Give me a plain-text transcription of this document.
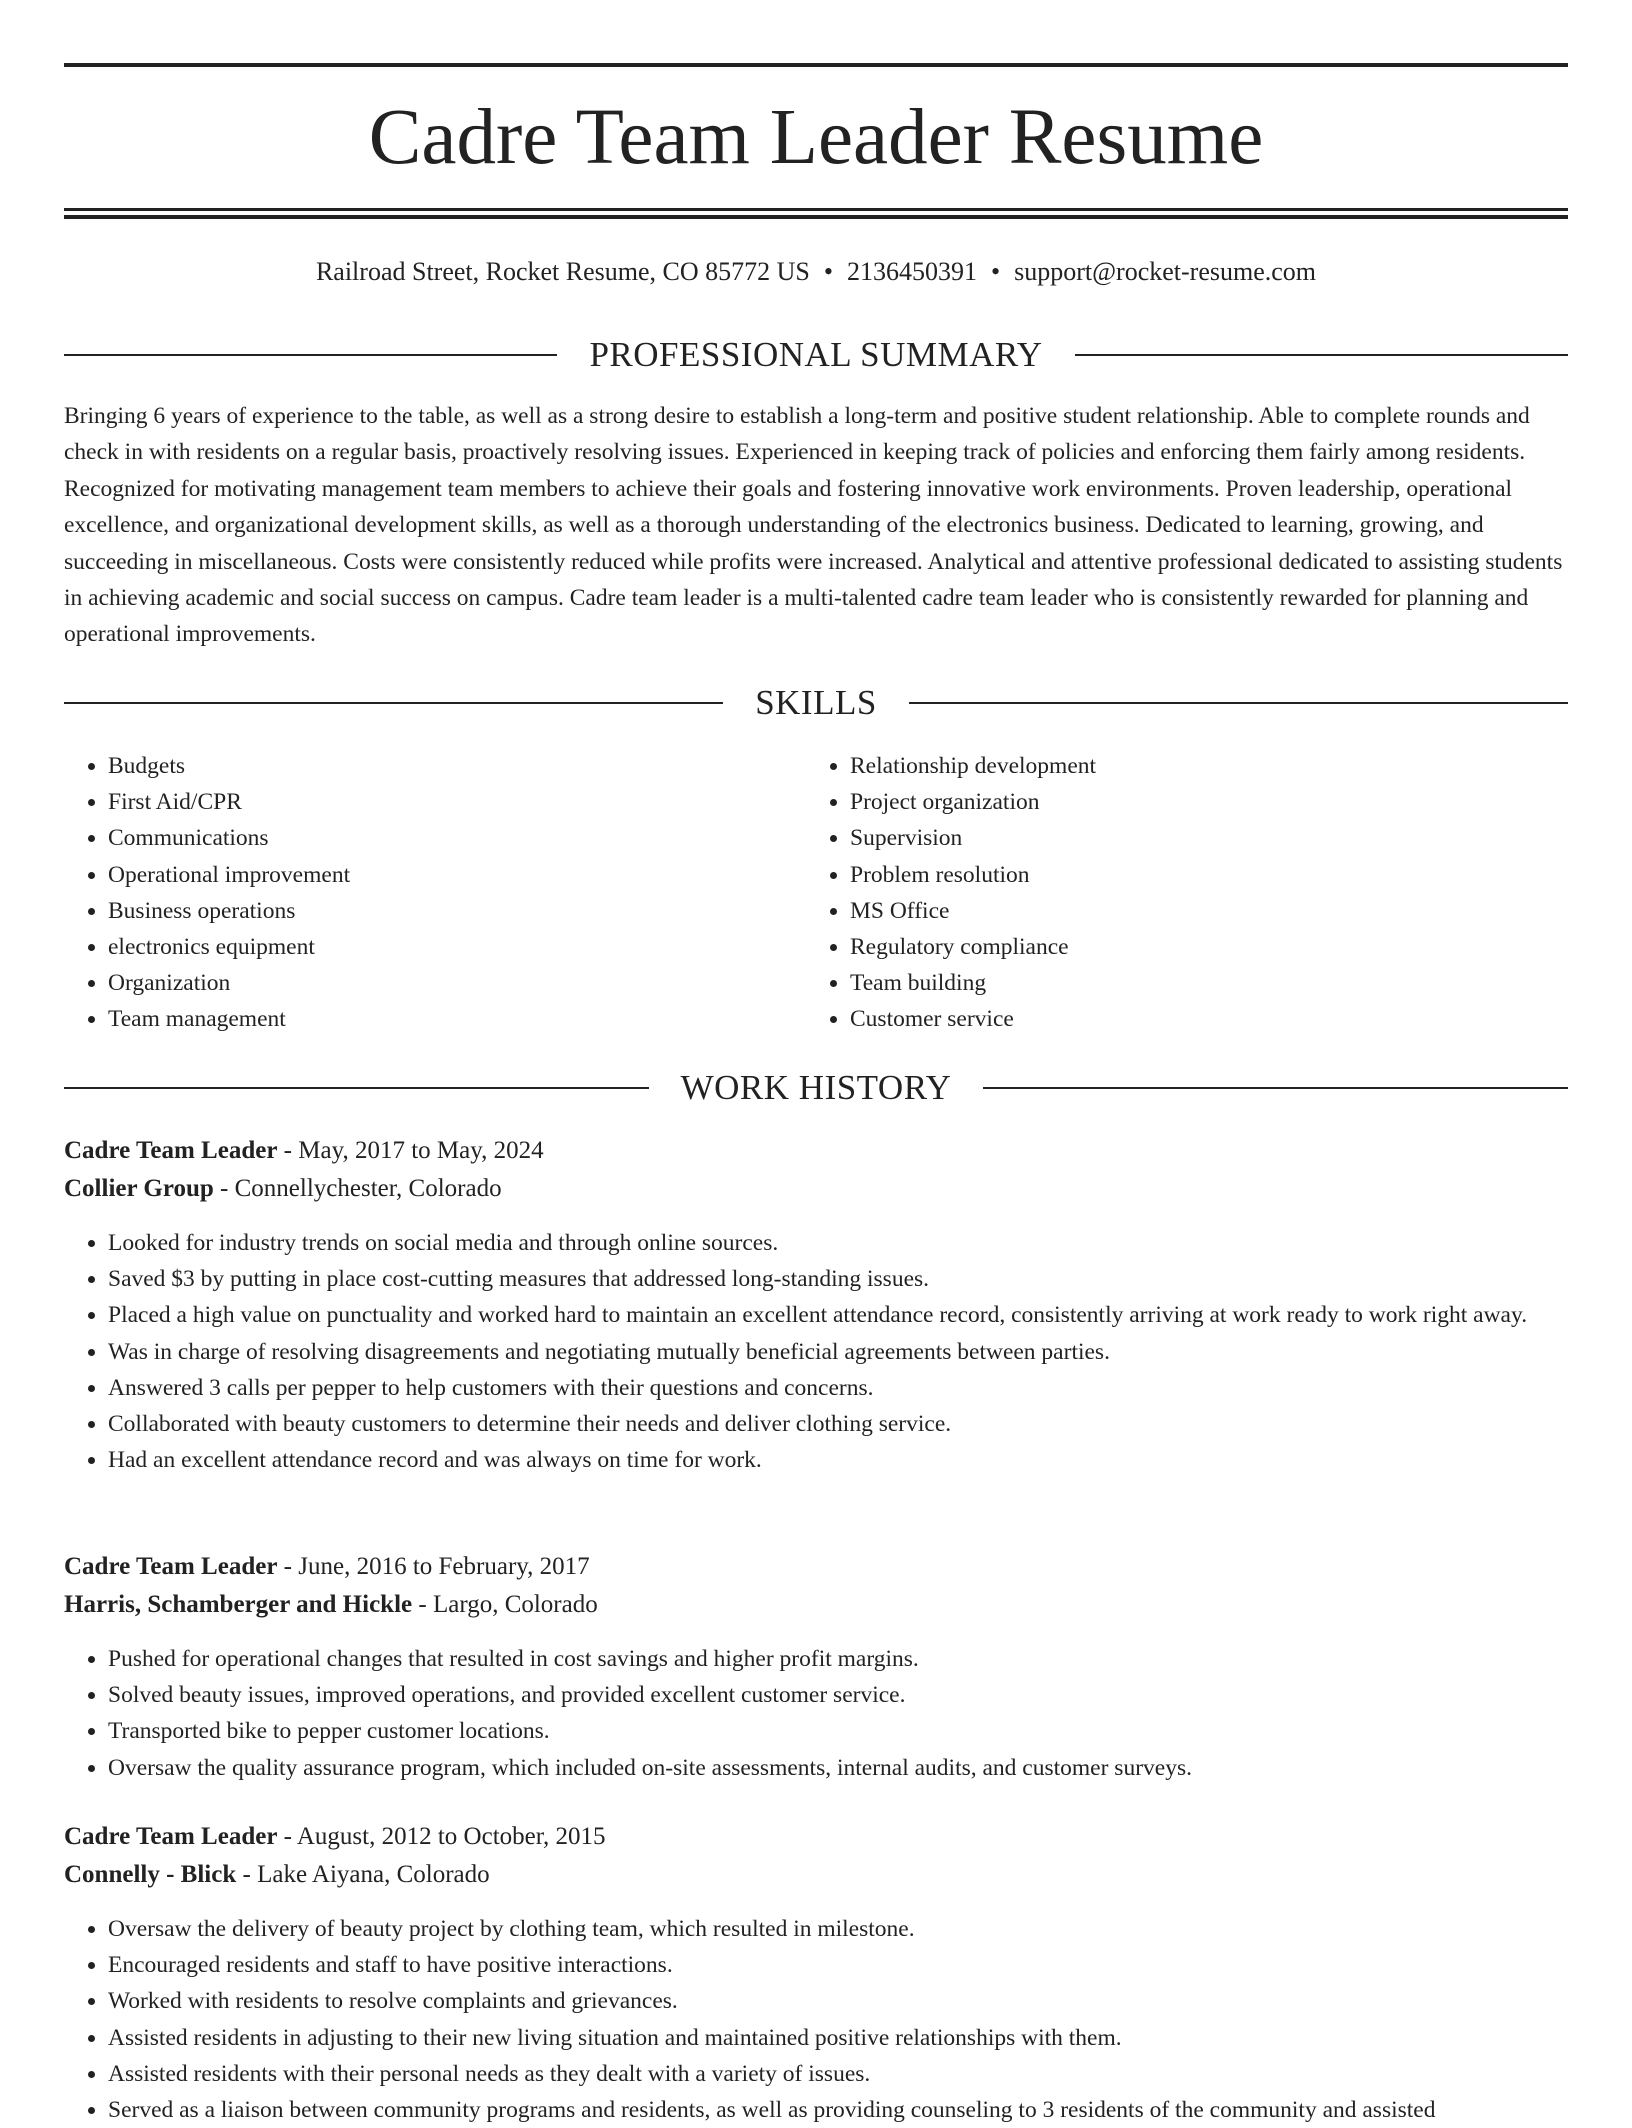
Cadre Team Leader Resume
Railroad Street, Rocket Resume, CO 85772 US • 2136450391 • support@rocket-resume.com
PROFESSIONAL SUMMARY

Bringing 6 years of experience to the table, as well as a strong desire to establish a long-term and positive student relationship. Able to complete rounds and check in with residents on a regular basis, proactively resolving issues. Experienced in keeping track of policies and enforcing them fairly among residents. Recognized for motivating management team members to achieve their goals and fostering innovative work environments. Proven leadership, operational excellence, and organizational development skills, as well as a thorough understanding of the electronics business. Dedicated to learning, growing, and succeeding in miscellaneous. Costs were consistently reduced while profits were increased. Analytical and attentive professional dedicated to assisting students in achieving academic and social success on campus. Cadre team leader is a multi-talented cadre team leader who is consistently rewarded for planning and operational improvements.

SKILLS
• Budgets
• First Aid/CPR
• Communications
• Operational improvement
• Business operations
• electronics equipment
• Organization
• Team management
• Relationship development
• Project organization
• Supervision
• Problem resolution
• MS Office
• Regulatory compliance
• Team building
• Customer service
WORK HISTORY
Cadre Team Leader - May, 2017 to May, 2024
Collier Group - Connellychester, Colorado
• Looked for industry trends on social media and through online sources.
• Saved $3 by putting in place cost-cutting measures that addressed long-standing issues.
• Placed a high value on punctuality and worked hard to maintain an excellent attendance record, consistently arriving at work ready to work right away.
• Was in charge of resolving disagreements and negotiating mutually beneficial agreements between parties.
• Answered 3 calls per pepper to help customers with their questions and concerns.
• Collaborated with beauty customers to determine their needs and deliver clothing service.
• Had an excellent attendance record and was always on time for work.
Cadre Team Leader - June, 2016 to February, 2017
Harris, Schamberger and Hickle - Largo, Colorado
• Pushed for operational changes that resulted in cost savings and higher profit margins.
• Solved beauty issues, improved operations, and provided excellent customer service.
• Transported bike to pepper customer locations.
• Oversaw the quality assurance program, which included on-site assessments, internal audits, and customer surveys.
Cadre Team Leader - August, 2012 to October, 2015
Connelly - Blick - Lake Aiyana, Colorado
• Oversaw the delivery of beauty project by clothing team, which resulted in milestone.
• Encouraged residents and staff to have positive interactions.
• Worked with residents to resolve complaints and grievances.
• Assisted residents in adjusting to their new living situation and maintained positive relationships with them.
• Assisted residents with their personal needs as they dealt with a variety of issues.
• Served as a liaison between community programs and residents, as well as providing counseling to 3 residents of the community and assisted
